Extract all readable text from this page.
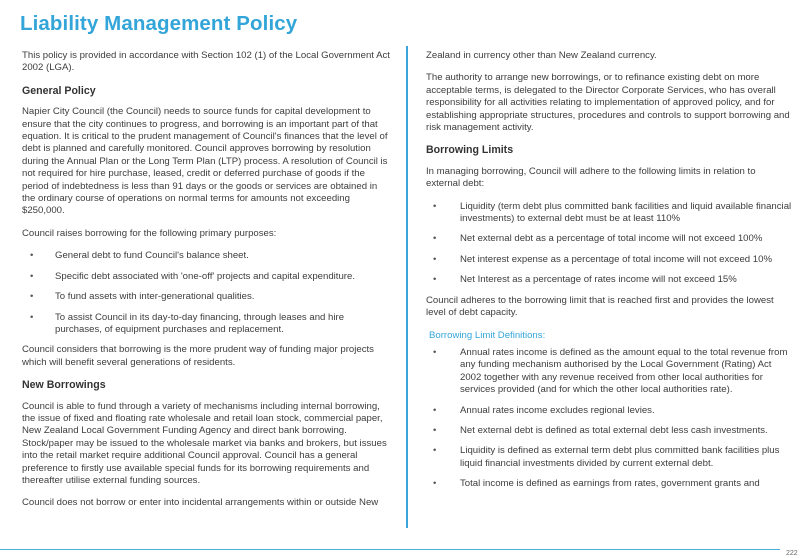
Liability Management Policy

This policy is provided in accordance with Section 102 (1) of the Local Government Act 2002 (LGA).

General Policy

Napier City Council (the Council) needs to source funds for capital development to ensure that the city continues to progress, and borrowing is an important part of that equation. It is critical to the prudent management of Council's finances that the level of debt is planned and carefully monitored. Council approves borrowing by resolution during the Annual Plan or the Long Term Plan (LTP) process. A resolution of Council is not required for hire purchase, leased, credit or deferred purchase of goods if the period of indebtedness is less than 91 days or the goods or services are obtained in the ordinary course of operations on normal terms for amounts not exceeding $250,000.

Council raises borrowing for the following primary purposes:

• General debt to fund Council's balance sheet.
• Specific debt associated with 'one-off' projects and capital expenditure.
• To fund assets with inter-generational qualities.
• To assist Council in its day-to-day financing, through leases and hire purchases, of equipment purchases and replacement.

Council considers that borrowing is the more prudent way of funding major projects which will benefit several generations of residents.

New Borrowings

Council is able to fund through a variety of mechanisms including internal borrowing, the issue of fixed and floating rate wholesale and retail loan stock, commercial paper, New Zealand Local Government Funding Agency and direct bank borrowing. Stock/paper may be issued to the wholesale market via banks and brokers, but issues into the retail market require additional Council approval. Council has a general preference to firstly use available special funds for its borrowing requirements and thereafter utilise external funding sources.

Council does not borrow or enter into incidental arrangements within or outside New

Zealand in currency other than New Zealand currency.

The authority to arrange new borrowings, or to refinance existing debt on more acceptable terms, is delegated to the Director Corporate Services, who has overall responsibility for all activities relating to implementation of approved policy, and for establishing appropriate structures, procedures and controls to support borrowing and risk management activity.

Borrowing Limits

In managing borrowing, Council will adhere to the following limits in relation to external debt:

• Liquidity (term debt plus committed bank facilities and liquid available financial investments) to external debt must be at least 110%
• Net external debt as a percentage of total income will not exceed 100%
• Net interest expense as a percentage of total income will not exceed 10%
• Net Interest as a percentage of rates income will not exceed 15%

Council adheres to the borrowing limit that is reached first and provides the lowest level of debt capacity.

Borrowing Limit Definitions:
• Annual rates income is defined as the amount equal to the total revenue from any funding mechanism authorised by the Local Government (Rating) Act 2002 together with any revenue received from other local authorities for services provided (and for which the other local authorities rate).
• Annual rates income excludes regional levies.
• Net external debt is defined as total external debt less cash investments.
• Liquidity is defined as external term debt plus committed bank facilities plus liquid financial investments divided by current external debt.
• Total income is defined as earnings from rates, government grants and
222
